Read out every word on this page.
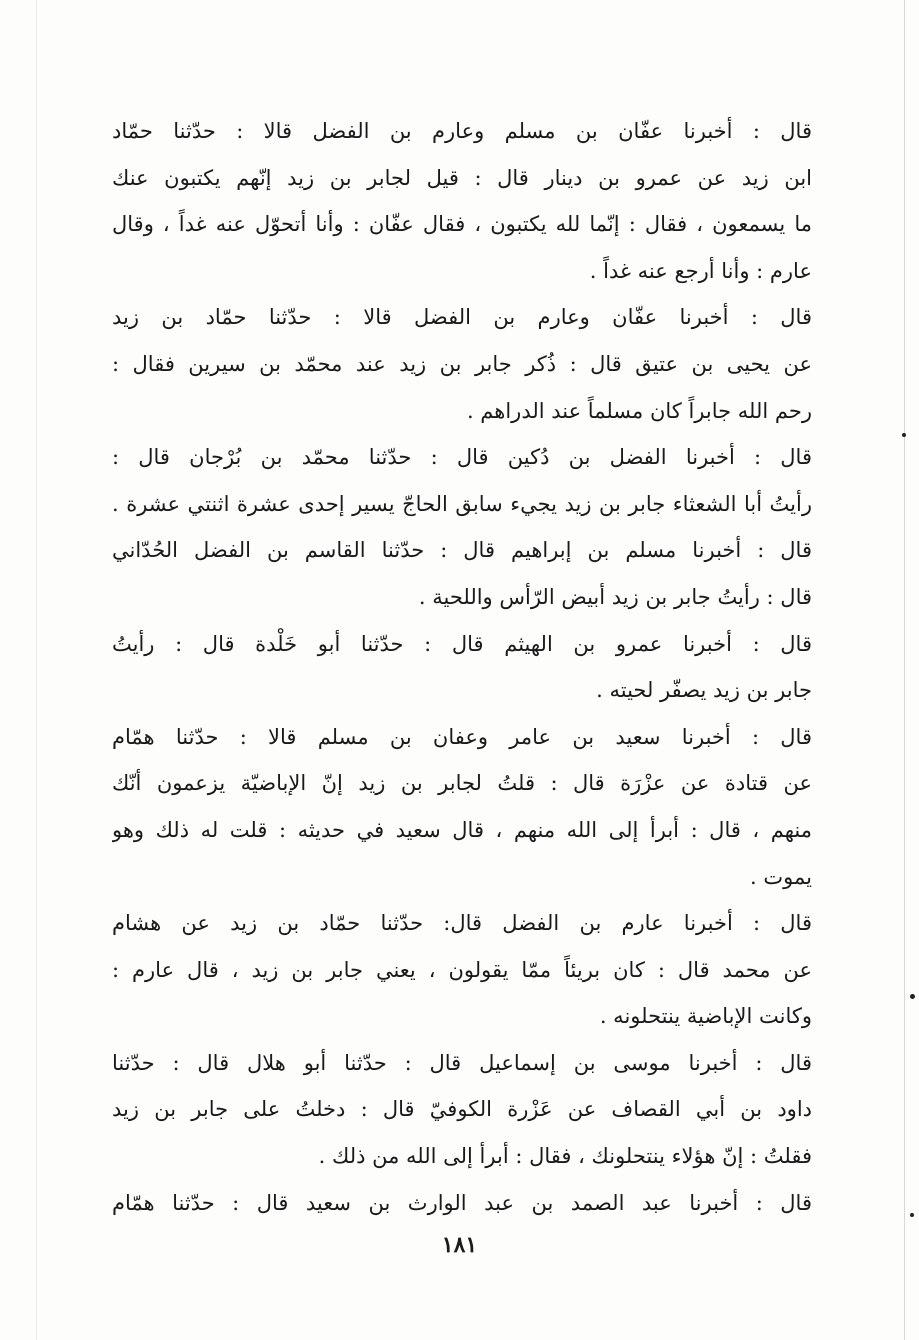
قال : أخبرنا عفّان بن مسلم وعارم بن الفضل قالا : حدّثنا حمّاد
ابن زيد عن عمرو بن دينار قال : قيل لجابر بن زيد إنّهم يكتبون عنك
ما يسمعون ، فقال : إنّما لله يكتبون ، فقال عفّان : وأنا أتحوّل عنه غداً ، وقال
عارم : وأنا أرجع عنه غداً .
قال : أخبرنا عفّان وعارم بن الفضل قالا : حدّثنا حمّاد بن زيد
عن يحيى بن عتيق قال : ذُكر جابر بن زيد عند محمّد بن سيرين فقال :
رحم الله جابراً كان مسلماً عند الدراهم .
قال : أخبرنا الفضل بن دُكين قال : حدّثنا محمّد بن بُرْجان قال :
رأيتُ أبا الشعثاء جابر بن زيد يجيء سابق الحاجّ يسير إحدى عشرة اثنتي عشرة .
قال : أخبرنا مسلم بن إبراهيم قال : حدّثنا القاسم بن الفضل الحُدّاني
قال : رأيتُ جابر بن زيد أبيض الرّأس واللحية .
قال : أخبرنا عمرو بن الهيثم قال : حدّثنا أبو خَلْدة قال : رأيتُ
جابر بن زيد يصفّر لحيته .
قال : أخبرنا سعيد بن عامر وعفان بن مسلم قالا : حدّثنا همّام
عن قتادة عن عزْرَة قال : قلتُ لجابر بن زيد إنّ الإباضيّة يزعمون أنّك
منهم ، قال : أبرأ إلى الله منهم ، قال سعيد في حديثه : قلت له ذلك وهو
يموت .
قال : أخبرنا عارم بن الفضل قال: حدّثنا حمّاد بن زيد عن هشام
عن محمد قال : كان بريئاً ممّا يقولون ، يعني جابر بن زيد ، قال عارم :
وكانت الإباضية ينتحلونه .
قال : أخبرنا موسى بن إسماعيل قال : حدّثنا أبو هلال قال : حدّثنا
داود بن أبي القصاف عن عَزْرة الكوفيّ قال : دخلتُ على جابر بن زيد
فقلتُ : إنّ هؤلاء ينتحلونك ، فقال : أبرأ إلى الله من ذلك .
قال : أخبرنا عبد الصمد بن عبد الوارث بن سعيد قال : حدّثنا همّام
١٨١
